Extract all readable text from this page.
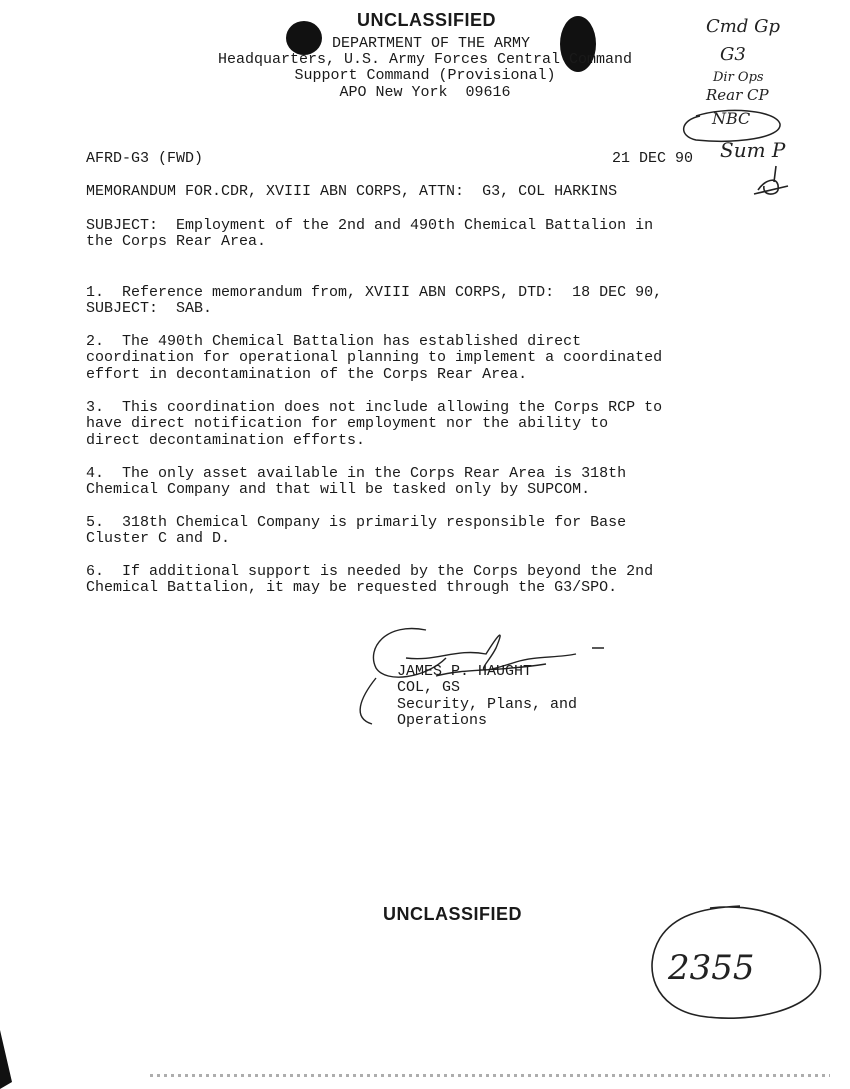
UNCLASSIFIED
DEPARTMENT OF THE ARMY
Headquarters, U.S. Army Forces Central Command
Support Command (Provisional)
APO New York  09616
Cmd Gp
G3
Dir Ops
Rear CP
NBC
Sum P
AFRD-G3 (FWD)	21 DEC 90
MEMORANDUM FOR.CDR, XVIII ABN CORPS, ATTN:  G3, COL HARKINS
SUBJECT:  Employment of the 2nd and 490th Chemical Battalion in
the Corps Rear Area.
1.  Reference memorandum from, XVIII ABN CORPS, DTD:  18 DEC 90,
SUBJECT:  SAB.
2.  The 490th Chemical Battalion has established direct
coordination for operational planning to implement a coordinated
effort in decontamination of the Corps Rear Area.
3.  This coordination does not include allowing the Corps RCP to
have direct notification for employment nor the ability to
direct decontamination efforts.
4.  The only asset available in the Corps Rear Area is 318th
Chemical Company and that will be tasked only by SUPCOM.
5.  318th Chemical Company is primarily responsible for Base
Cluster C and D.
6.  If additional support is needed by the Corps beyond the 2nd
Chemical Battalion, it may be requested through the G3/SPO.
JAMES P. HAUGHT
COL, GS
Security, Plans, and
Operations
UNCLASSIFIED
2355
